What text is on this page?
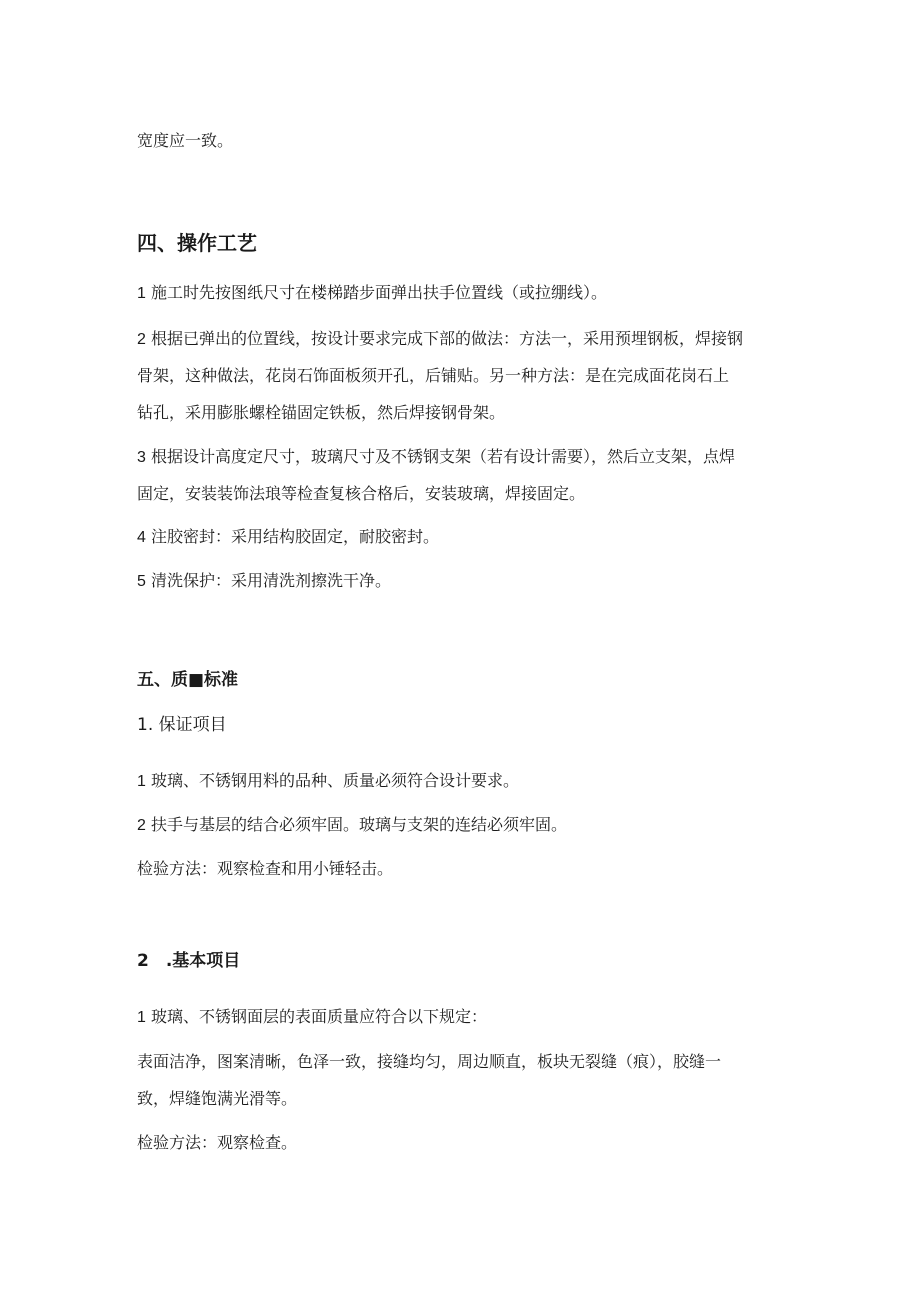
宽度应一致。
四、操作工艺
1 施工时先按图纸尺寸在楼梯踏步面弹出扶手位置线（或拉绷线）。
2 根据已弹出的位置线，按设计要求完成下部的做法：方法一，采用预埋钢板，焊接钢
骨架，这种做法，花岗石饰面板须开孔，后铺贴。另一种方法：是在完成面花岗石上
钻孔，采用膨胀螺栓锚固定铁板，然后焊接钢骨架。
3 根据设计高度定尺寸，玻璃尺寸及不锈钢支架（若有设计需要），然后立支架，点焊
固定，安装装饰法琅等检查复核合格后，安装玻璃，焊接固定。
4 注胶密封：采用结构胶固定，耐胶密封。
5 清洗保护：采用清洗剂擦洗干净。
五、质■标准
1. 保证项目
1 玻璃、不锈钢用料的品种、质量必须符合设计要求。
2 扶手与基层的结合必须牢固。玻璃与支架的连结必须牢固。
检验方法：观察检查和用小锤轻击。
2　.基本项目
1 玻璃、不锈钢面层的表面质量应符合以下规定：
表面洁净，图案清晰，色泽一致，接缝均匀，周边顺直，板块无裂缝（痕），胶缝一
致，焊缝饱满光滑等。
检验方法：观察检查。
